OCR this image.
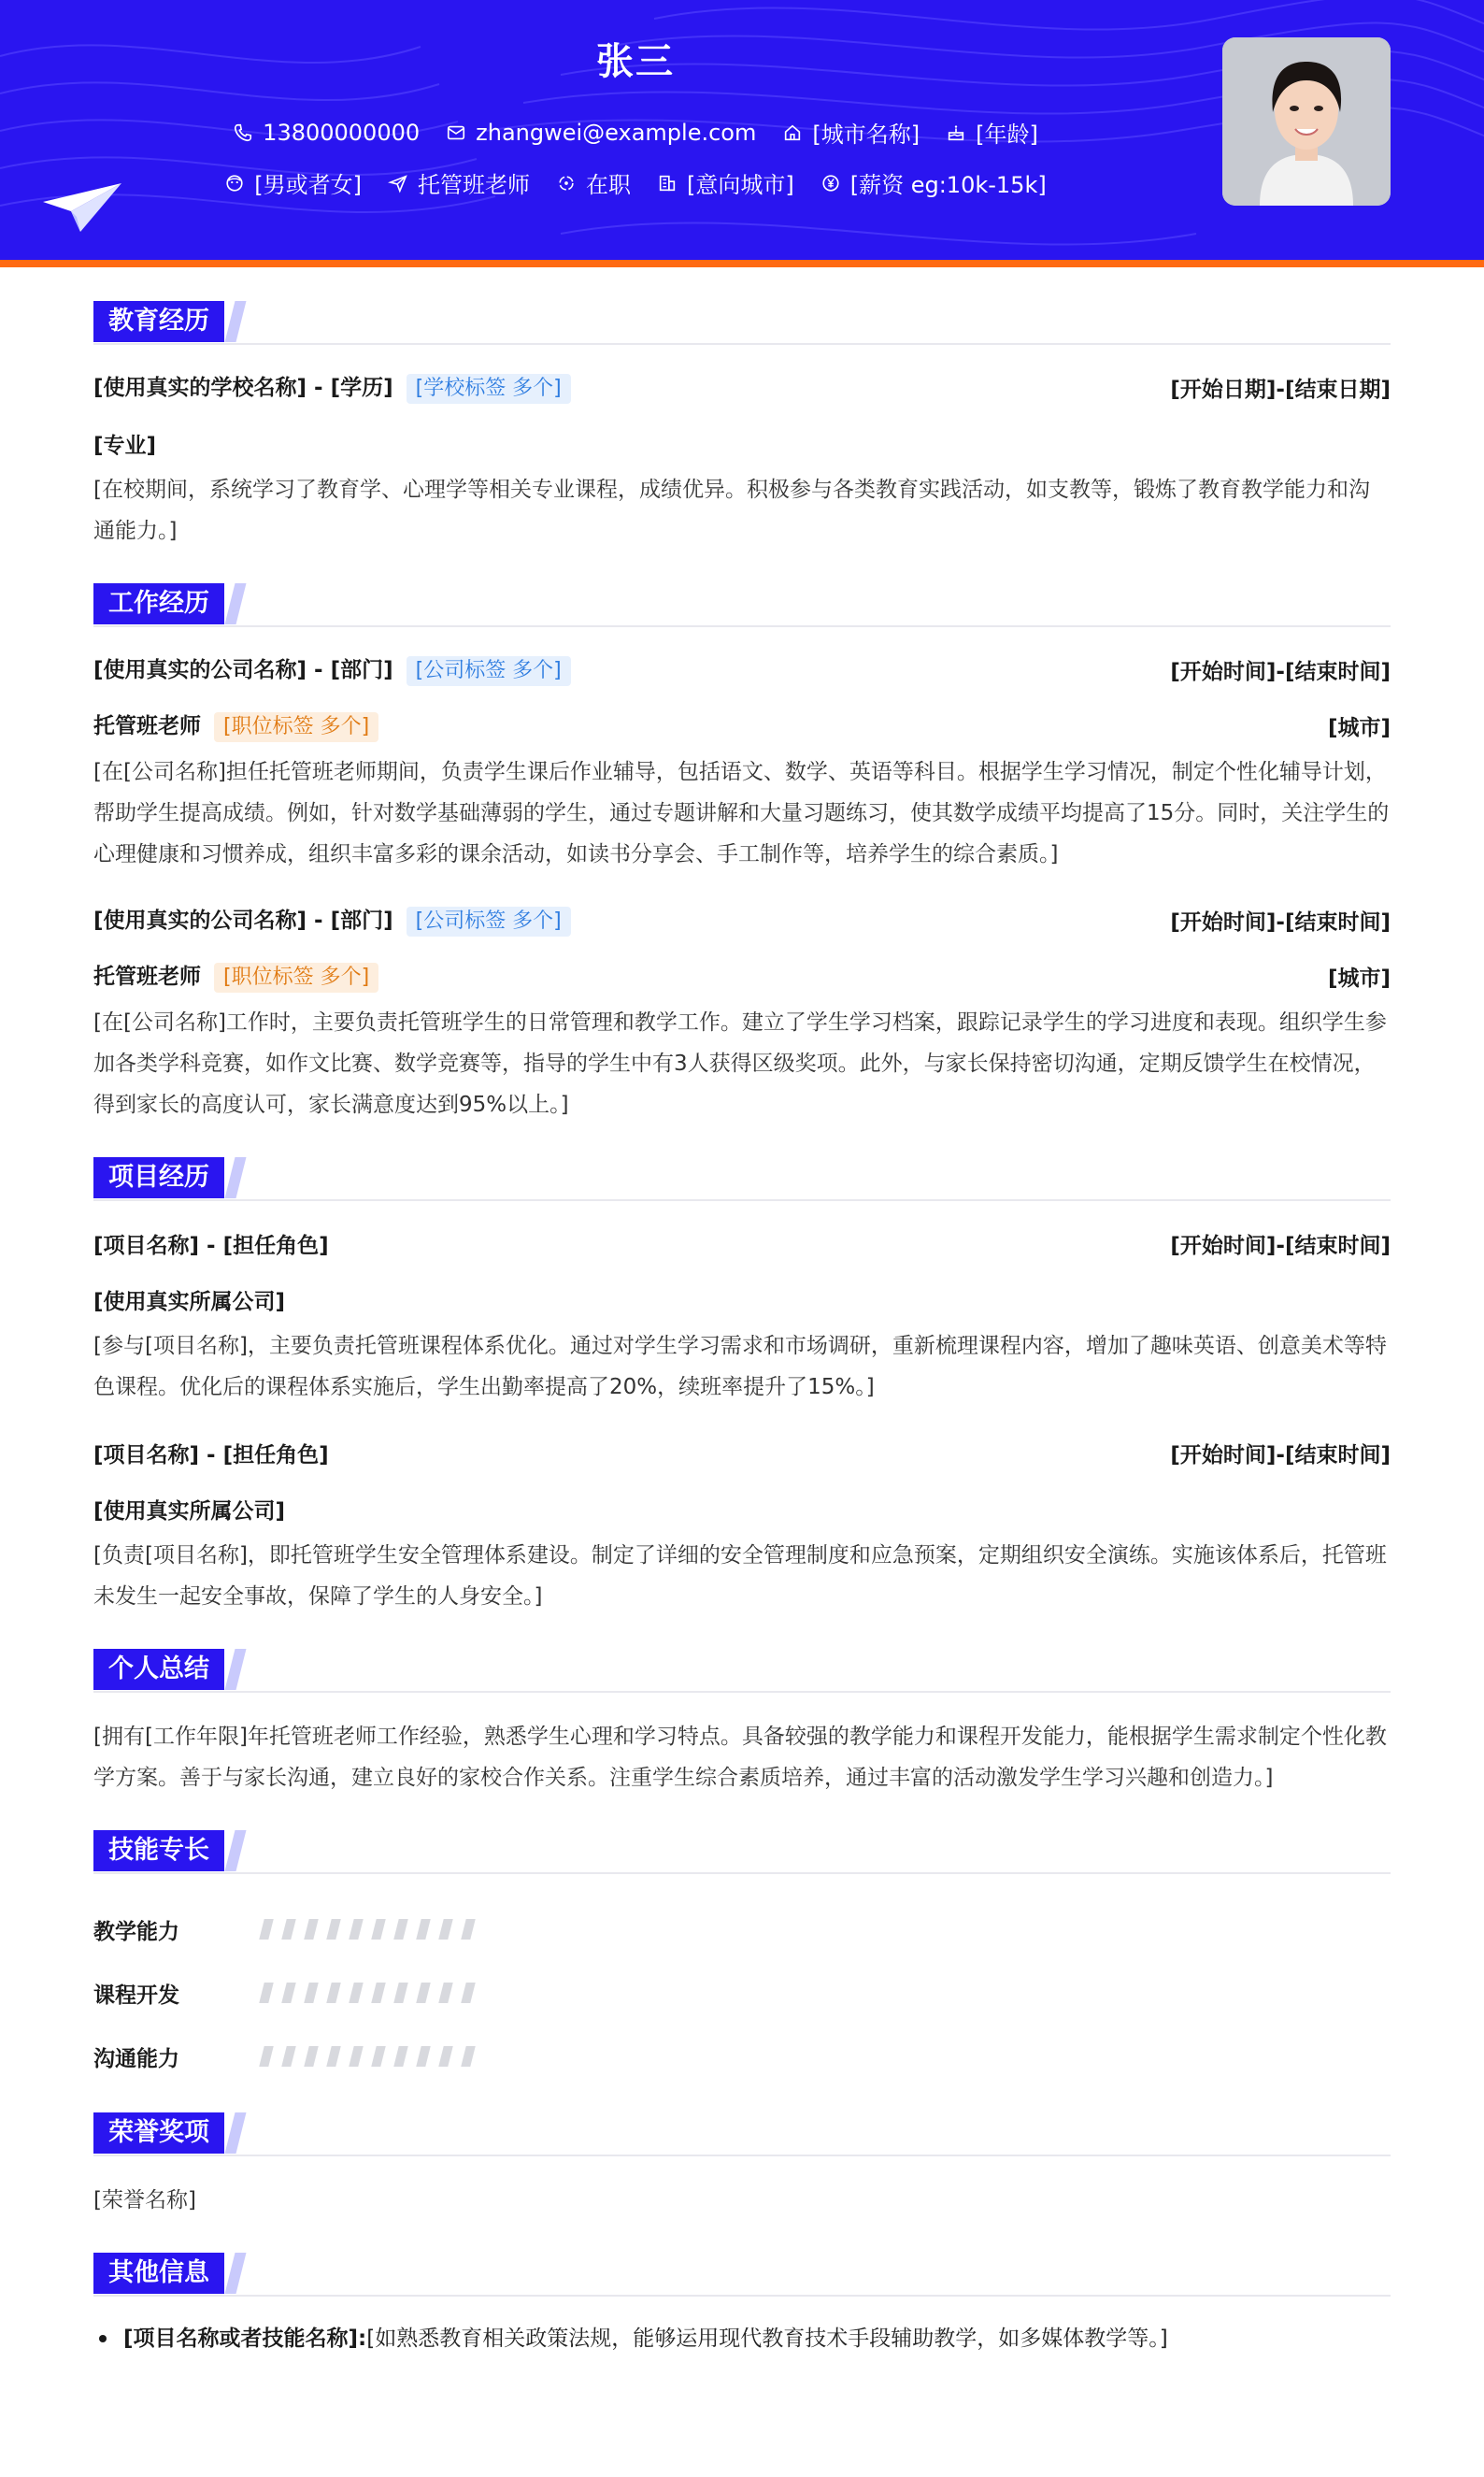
张三
13800000000	zhangwei@example.com	[城市名称]	[年龄]
[男或者女]	托管班老师	在职	[意向城市]	[薪资 eg:10k-15k]
教育经历
[使用真实的学校名称] - [学历] [学校标签 多个]	[开始日期]-[结束日期]
[专业]
[在校期间，系统学习了教育学、心理学等相关专业课程，成绩优异。积极参与各类教育实践活动，如支教等，锻炼了教育教学能力和沟通能力。]
工作经历
[使用真实的公司名称] - [部门] [公司标签 多个]	[开始时间]-[结束时间]
托管班老师 [职位标签 多个]	[城市]
[在[公司名称]担任托管班老师期间，负责学生课后作业辅导，包括语文、数学、英语等科目。根据学生学习情况，制定个性化辅导计划，帮助学生提高成绩。例如，针对数学基础薄弱的学生，通过专题讲解和大量习题练习，使其数学成绩平均提高了15分。同时，关注学生的心理健康和习惯养成，组织丰富多彩的课余活动，如读书分享会、手工制作等，培养学生的综合素质。]
[使用真实的公司名称] - [部门] [公司标签 多个]	[开始时间]-[结束时间]
托管班老师 [职位标签 多个]	[城市]
[在[公司名称]工作时，主要负责托管班学生的日常管理和教学工作。建立了学生学习档案，跟踪记录学生的学习进度和表现。组织学生参加各类学科竞赛，如作文比赛、数学竞赛等，指导的学生中有3人获得区级奖项。此外，与家长保持密切沟通，定期反馈学生在校情况，得到家长的高度认可，家长满意度达到95%以上。]
项目经历
[项目名称] - [担任角色]	[开始时间]-[结束时间]
[使用真实所属公司]
[参与[项目名称]，主要负责托管班课程体系优化。通过对学生学习需求和市场调研，重新梳理课程内容，增加了趣味英语、创意美术等特色课程。优化后的课程体系实施后，学生出勤率提高了20%，续班率提升了15%。]
[项目名称] - [担任角色]	[开始时间]-[结束时间]
[使用真实所属公司]
[负责[项目名称]，即托管班学生安全管理体系建设。制定了详细的安全管理制度和应急预案，定期组织安全演练。实施该体系后，托管班未发生一起安全事故，保障了学生的人身安全。]
个人总结
[拥有[工作年限]年托管班老师工作经验，熟悉学生心理和学习特点。具备较强的教学能力和课程开发能力，能根据学生需求制定个性化教学方案。善于与家长沟通，建立良好的家校合作关系。注重学生综合素质培养，通过丰富的活动激发学生学习兴趣和创造力。]
技能专长
教学能力
课程开发
沟通能力
荣誉奖项
[荣誉名称]
其他信息
[项目名称或者技能名称]:[如熟悉教育相关政策法规，能够运用现代教育技术手段辅助教学，如多媒体教学等。]
